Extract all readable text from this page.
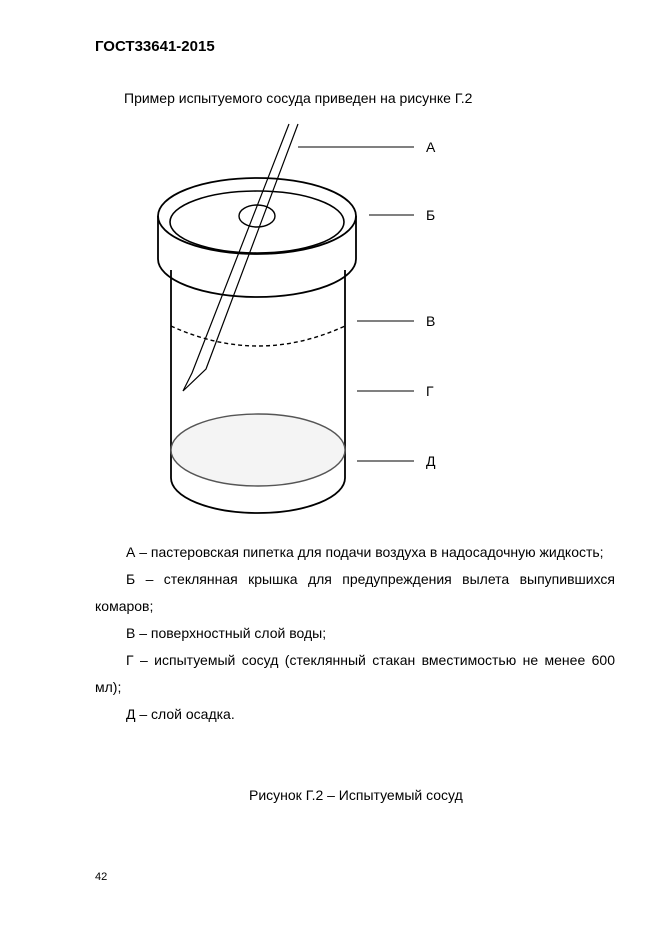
ГОСТ33641-2015
Пример испытуемого сосуда приведен на рисунке Г.2
А
Б
В
Г
Д

А – пастеровская пипетка для подачи воздуха в надосадочную жидкость;

Б – стеклянная крышка для предупреждения вылета выпупившихся комаров;

В – поверхностный слой воды;

Г – испытуемый сосуд (стеклянный стакан вместимостью не менее 600 мл);

Д – слой осадка.

Рисунок Г.2 – Испытуемый сосуд
42
